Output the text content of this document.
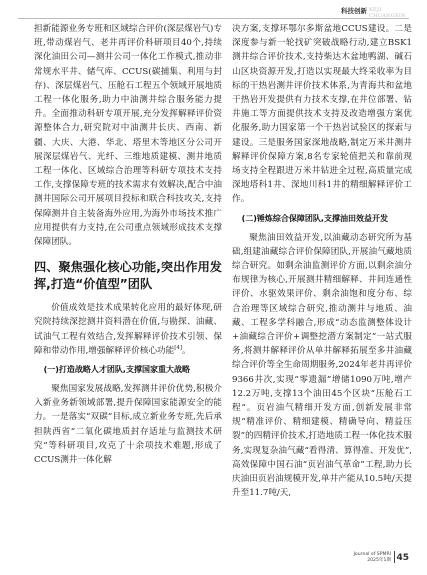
科技创新 KEJI CHUANGXIN

担新能源业务专班和区域综合评价(深层煤岩气)专班,带动煤岩气、老井再评价科研项目40个,持续深化油田公司—测井公司一体化工作模式,推动非常规水平井、储气库、CCUS(碳捕集、利用与封存)、深层煤岩气、压舱石工程五个领域开展地质工程一体化服务,助力中油测井综合服务能力提升。全面推动科研专项开展,充分发挥解释评价资源整体合力,研究院对中油测井长庆、西南、新疆、大庆、大港、华北、塔里木等地区分公司开展深层煤岩气、光纤、三维地质建模、测井地质工程一体化、区域综合治理等科研专项技术支持工作,支撑保障专班的技术需求有效解决,配合中油测井国际公司开展项目投标和联合科技攻关,支持保障测井自主装备海外应用,为海外市场技术推广应用提供有力支持,在公司重点领域形成技术支撑保障团队。

四、聚焦强化核心功能,突出作用发挥,打造“价值型”团队

价值成效是技术成果转化应用的最好体现,研究院持续深挖测井资料潜在价值,与勘探、油藏、试油气工程有效结合,发挥解释评价技术引领、保障和带动作用,增强解释评价核心功能[4]。

(一)打造战略人才团队,支撑国家重大战略

聚焦国家发展战略,发挥测井评价优势,积极介入新业务新领域部署,提升保障国家能源安全的能力。一是落实“双碳”目标,成立新业务专班,先后承担陕西省“二氧化碳地质封存适址与监测技术研究”等科研项目,攻克了十余项技术难题,形成了CCUS测井一体化解

决方案,支撑环鄂尔多斯盆地CCUS建设。二是深度参与新一轮找矿突破战略行动,建立BSK1测井综合评价技术,支持柴达木盆地鸭湖、碱石山区块资源开发,打造以实现最大终采收率为目标的干热岩测井评价技术体系,为青海共和盆地干热岩开发提供有力技术支撑,在井位部署、钻井施工等方面提供技术支持及改造增强方案优化服务,助力国家第一个干热岩试验区的探索与建设。三是服务国家深地战略,制定万米井测井解释评价保障方案,8名专家轮值把关和靠前现场支持全程跟进万米井钻进全过程,高质量完成深地塔科1井、深地川科1井的精细解释评价工作。

(二)锤炼综合保障团队,支撑油田效益开发

聚焦油田效益开发,以油藏动态研究所为基础,组建油藏综合评价保障团队,开展油气藏地质综合研究。如剩余油监测评价方面,以剩余油分布规律为核心,开展测井精细解释、井间连通性评价、水驱效果评价、剩余油饱和度分布、综合治理等区域综合研究,推动测井与地质、油藏、工程多学科融合,形成“动态监测整体设计+油藏综合评价+调整挖潜方案制定”一站式服务,将测井解释评价从单井解释拓展至多井油藏综合评价等全生命周期服务,2024年老井再评价9366井次,实现“零遗漏”增储1090万吨,增产12.2万吨,支撑13个油田45个区块“压舱石工程”。页岩油气精细开发方面,创新发展非常规“精准评价、精细建模、精确导向、精益压裂”的四精评价技术,打造地质工程一体化技术服务,实现复杂油气藏“看得清、算得准、开发优”,高效保障中国石油“页岩油气革命”工程,助力长庆油田页岩油规模开发,单井产能从10.5吨/天提升至11.7吨/天,

Journal of SPMRI
2025年1期 45
